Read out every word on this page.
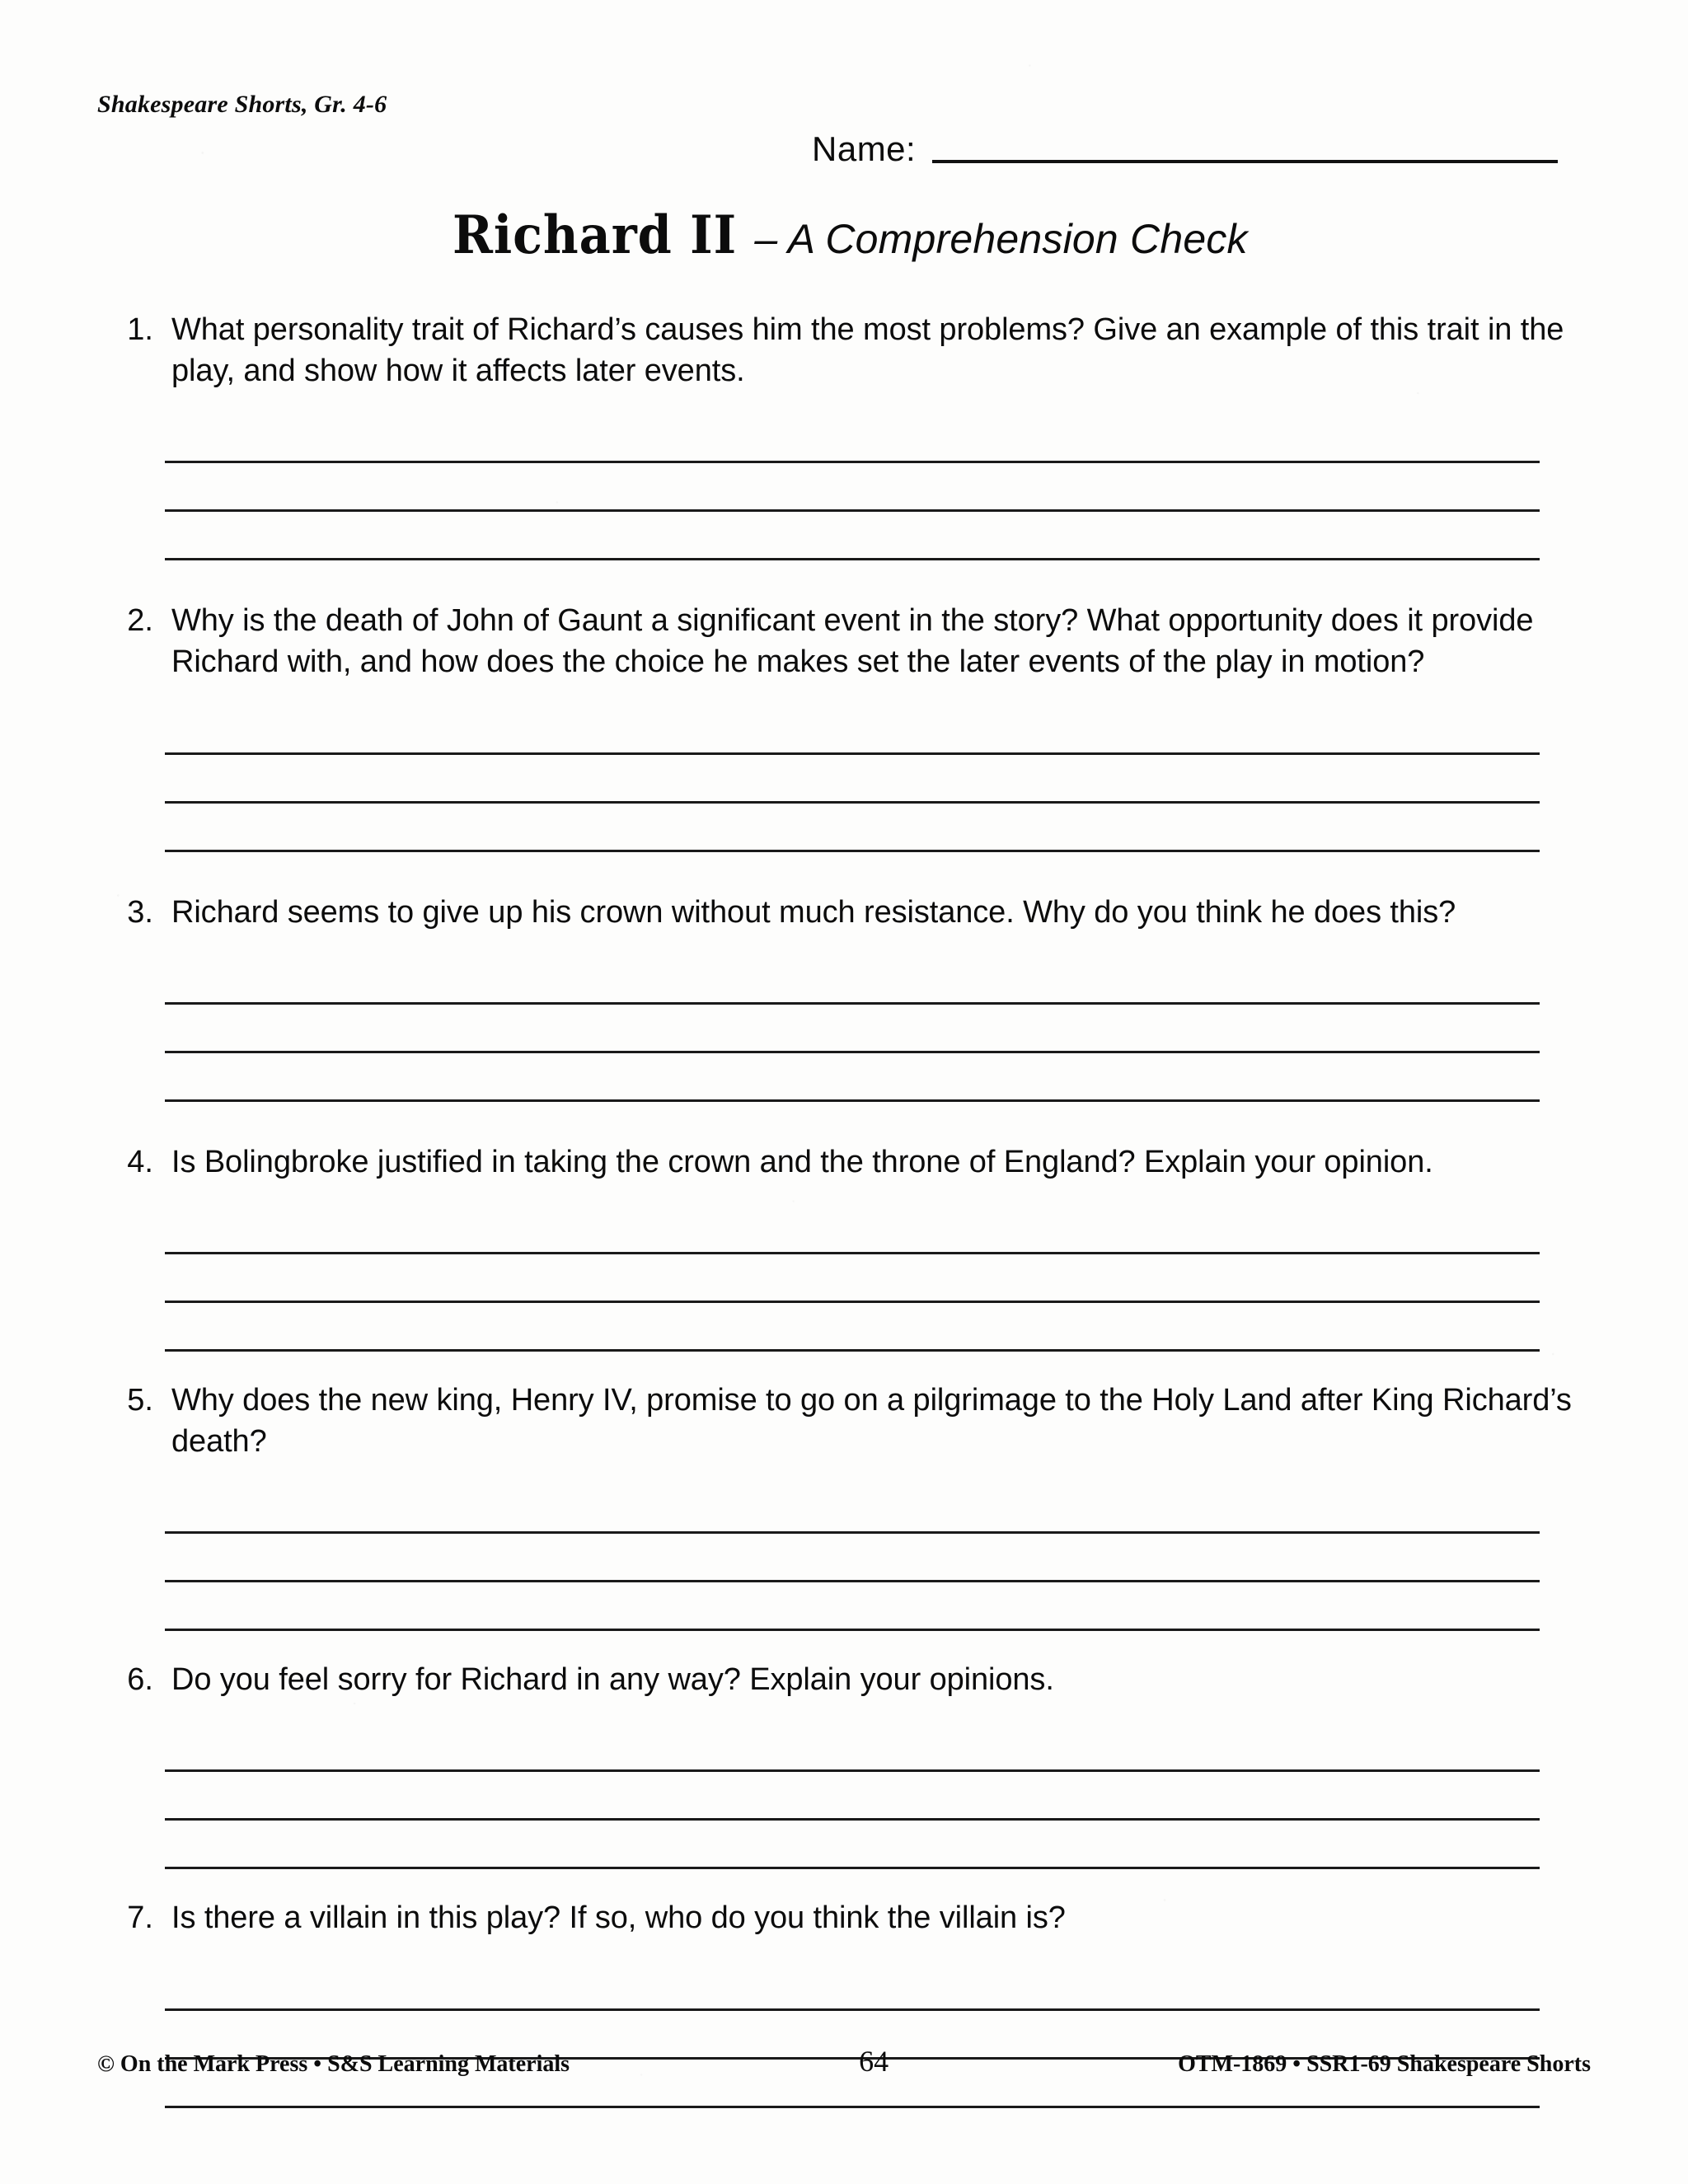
Shakespeare Shorts, Gr. 4-6
Name:
Richard II – A Comprehension Check
1. What personality trait of Richard’s causes him the most problems? Give an example of this trait in the play, and show how it affects later events.
2. Why is the death of John of Gaunt a significant event in the story? What opportunity does it provide Richard with, and how does the choice he makes set the later events of the play in motion?
3. Richard seems to give up his crown without much resistance. Why do you think he does this?
4. Is Bolingbroke justified in taking the crown and the throne of England? Explain your opinion.
5. Why does the new king, Henry IV, promise to go on a pilgrimage to the Holy Land after King Richard’s death?
6. Do you feel sorry for Richard in any way? Explain your opinions.
7. Is there a villain in this play? If so, who do you think the villain is?
© On the Mark Press • S&S Learning Materials	64	OTM-1869 • SSR1-69 Shakespeare Shorts
